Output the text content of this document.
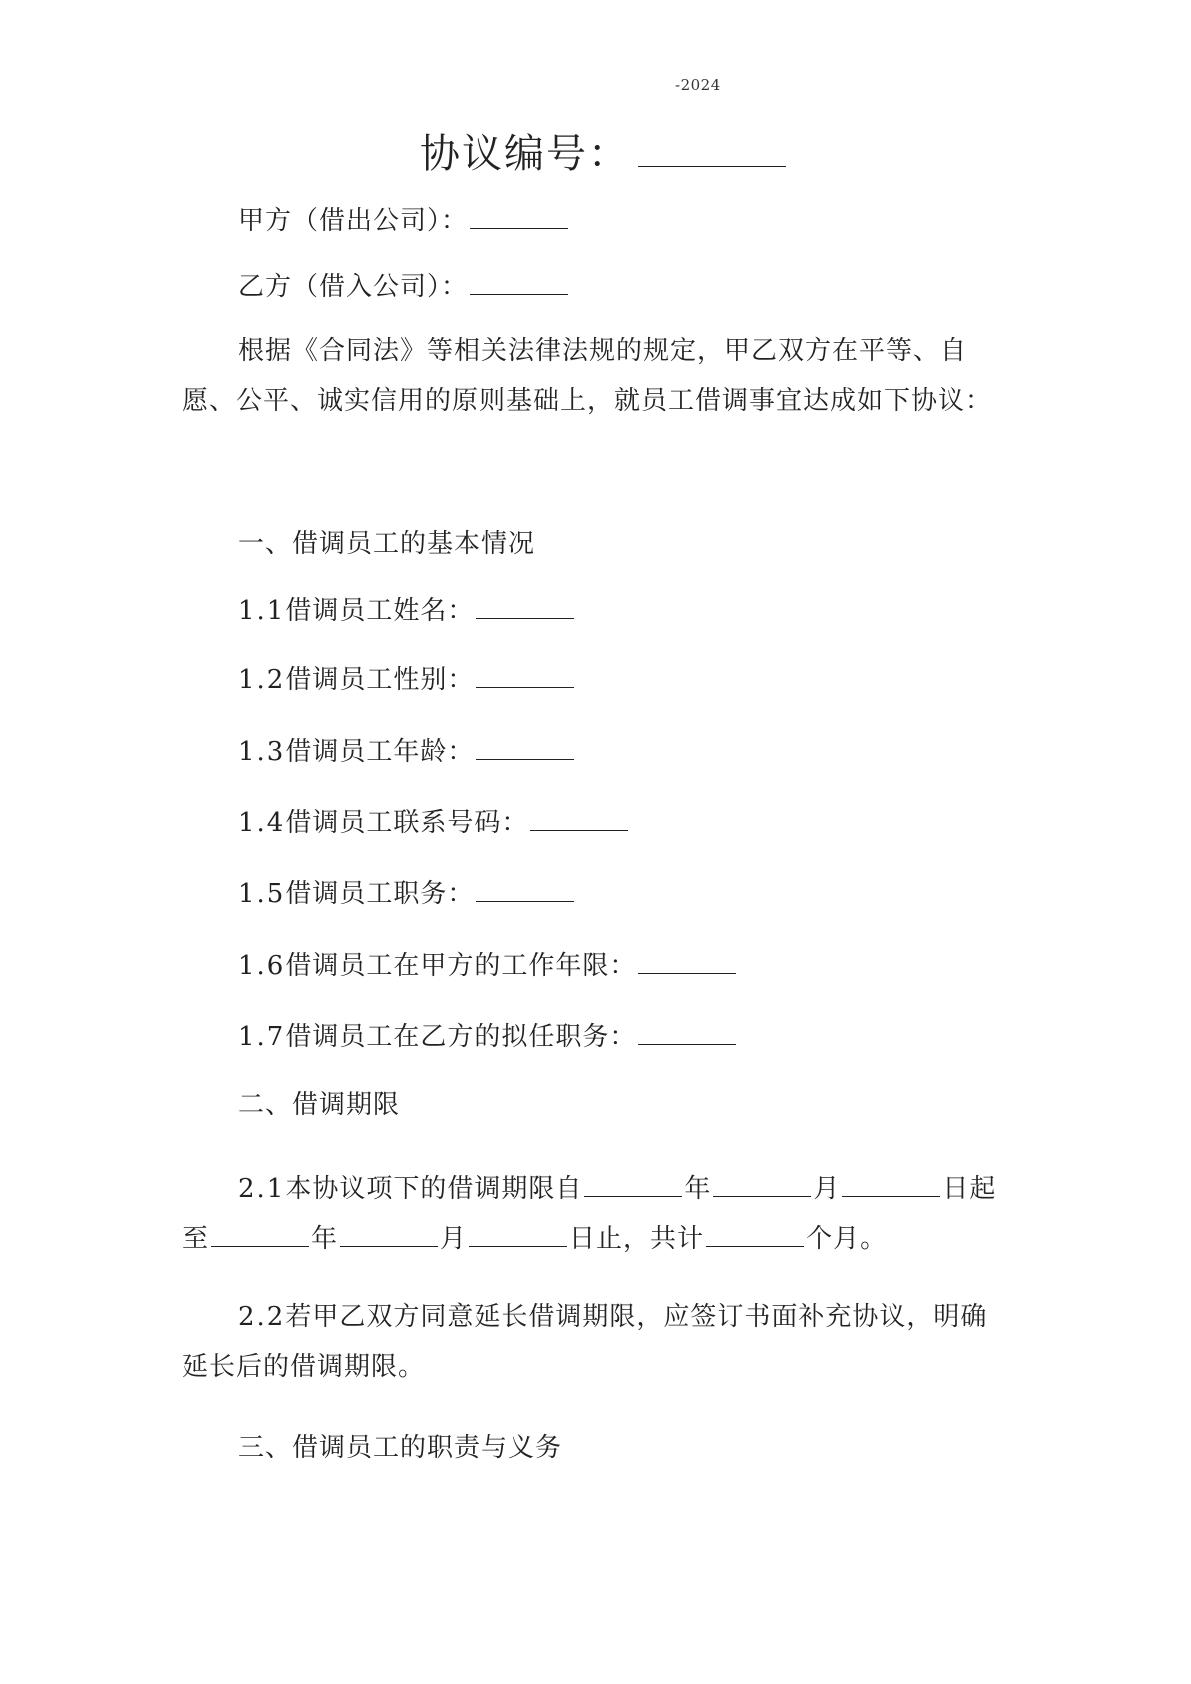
-2024
协议编号：
甲方（借出公司）：
乙方（借入公司）：

根据《合同法》等相关法律法规的规定，甲乙双方在平等、自愿、公平、诚实信用的原则基础上，就员工借调事宜达成如下协议：

一、借调员工的基本情况
1.1借调员工姓名：
1.2借调员工性别：
1.3借调员工年龄：
1.4借调员工联系号码：
1.5借调员工职务：
1.6借调员工在甲方的工作年限：
1.7借调员工在乙方的拟任职务：
二、借调期限

2.1本协议项下的借调期限自	年	月	日起
至	年	月	日止，共计	个月。

2.2若甲乙双方同意延长借调期限，应签订书面补充协议，明确延长后的借调期限。

三、借调员工的职责与义务
